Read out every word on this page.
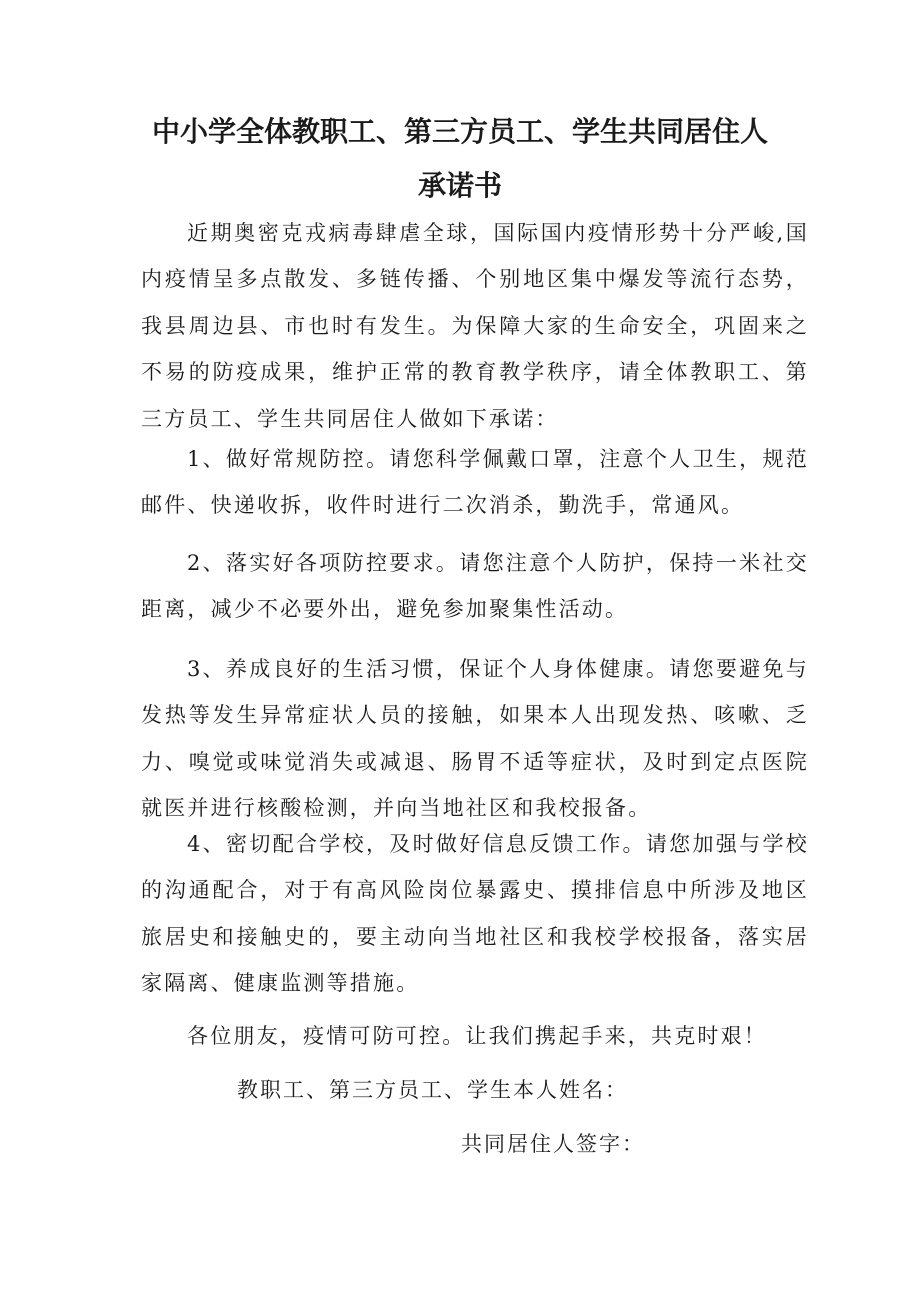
中小学全体教职工、第三方员工、学生共同居住人
承诺书

近期奥密克戎病毒肆虐全球，国际国内疫情形势十分严峻,国内疫情呈多点散发、多链传播、个别地区集中爆发等流行态势，我县周边县、市也时有发生。为保障大家的生命安全，巩固来之不易的防疫成果，维护正常的教育教学秩序，请全体教职工、第三方员工、学生共同居住人做如下承诺：

1、做好常规防控。请您科学佩戴口罩，注意个人卫生，规范邮件、快递收拆，收件时进行二次消杀，勤洗手，常通风。

2、落实好各项防控要求。请您注意个人防护，保持一米社交距离，减少不必要外出，避免参加聚集性活动。

3、养成良好的生活习惯，保证个人身体健康。请您要避免与发热等发生异常症状人员的接触，如果本人出现发热、咳嗽、乏力、嗅觉或味觉消失或减退、肠胃不适等症状，及时到定点医院就医并进行核酸检测，并向当地社区和我校报备。

4、密切配合学校，及时做好信息反馈工作。请您加强与学校的沟通配合，对于有高风险岗位暴露史、摸排信息中所涉及地区旅居史和接触史的，要主动向当地社区和我校学校报备，落实居家隔离、健康监测等措施。

各位朋友，疫情可防可控。让我们携起手来，共克时艰！

教职工、第三方员工、学生本人姓名：

共同居住人签字：
